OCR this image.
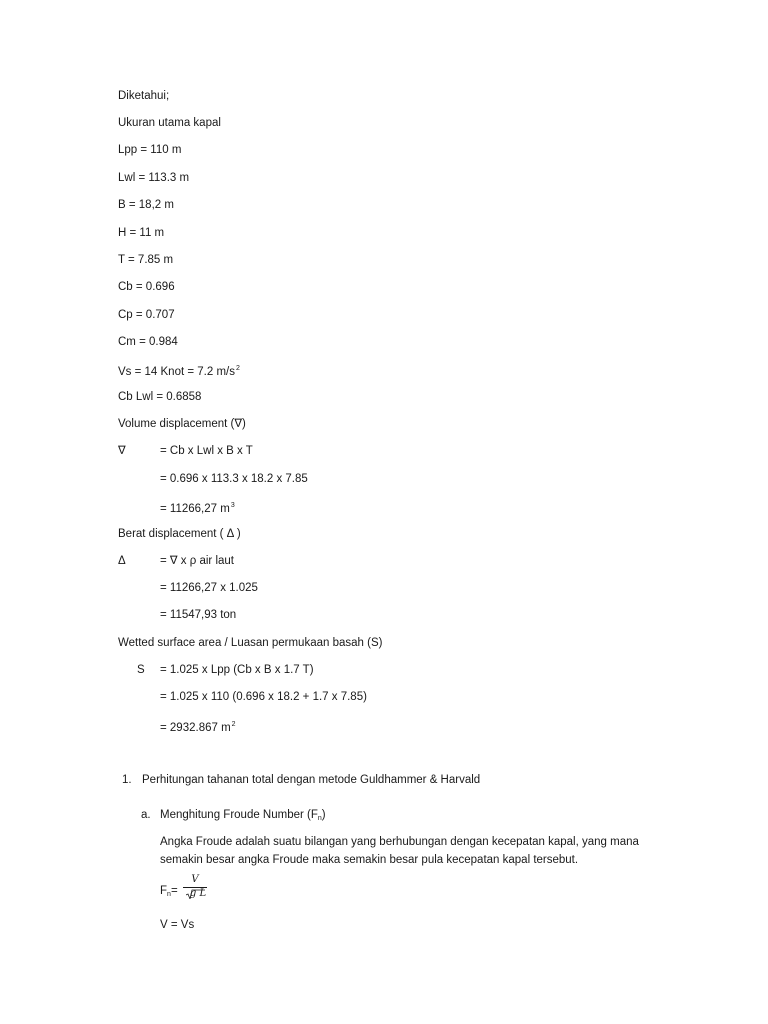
Diketahui;
Ukuran utama kapal
Lpp = 110 m
Lwl = 113.3 m
B = 18,2 m
H = 11 m
T = 7.85 m
Cb = 0.696
Cp = 0.707
Cm = 0.984
Vs = 14 Knot = 7.2 $m/s^2$
Cb Lwl = 0.6858
Volume displacement (∇)
∇	= Cb x Lwl x B x T
= 0.696 x 113.3 x 18.2 x 7.85
= 11266,27 $m^3$
Berat displacement ( Δ )
Δ	= ∇ x ρ air laut
= 11266,27 x 1.025
= 11547,93 ton
Wetted surface area / Luasan permukaan basah (S)
S = 1.025 x Lpp (Cb x B x 1.7 T)
= 1.025 x 110 (0.696 x 18.2 + 1.7 x 7.85)
= 2932.867 $m^2$
1. Perhitungan tahanan total dengan metode Guldhammer & Harvald
a. Menghitung Froude Number $(F_n)$
Angka Froude adalah suatu bilangan yang berhubungan dengan kecepatan kapal, yang mana
semakin besar angka Froude maka semakin besar pula kecepatan kapal tersebut.
$F_n=$
V
g L
V = Vs
